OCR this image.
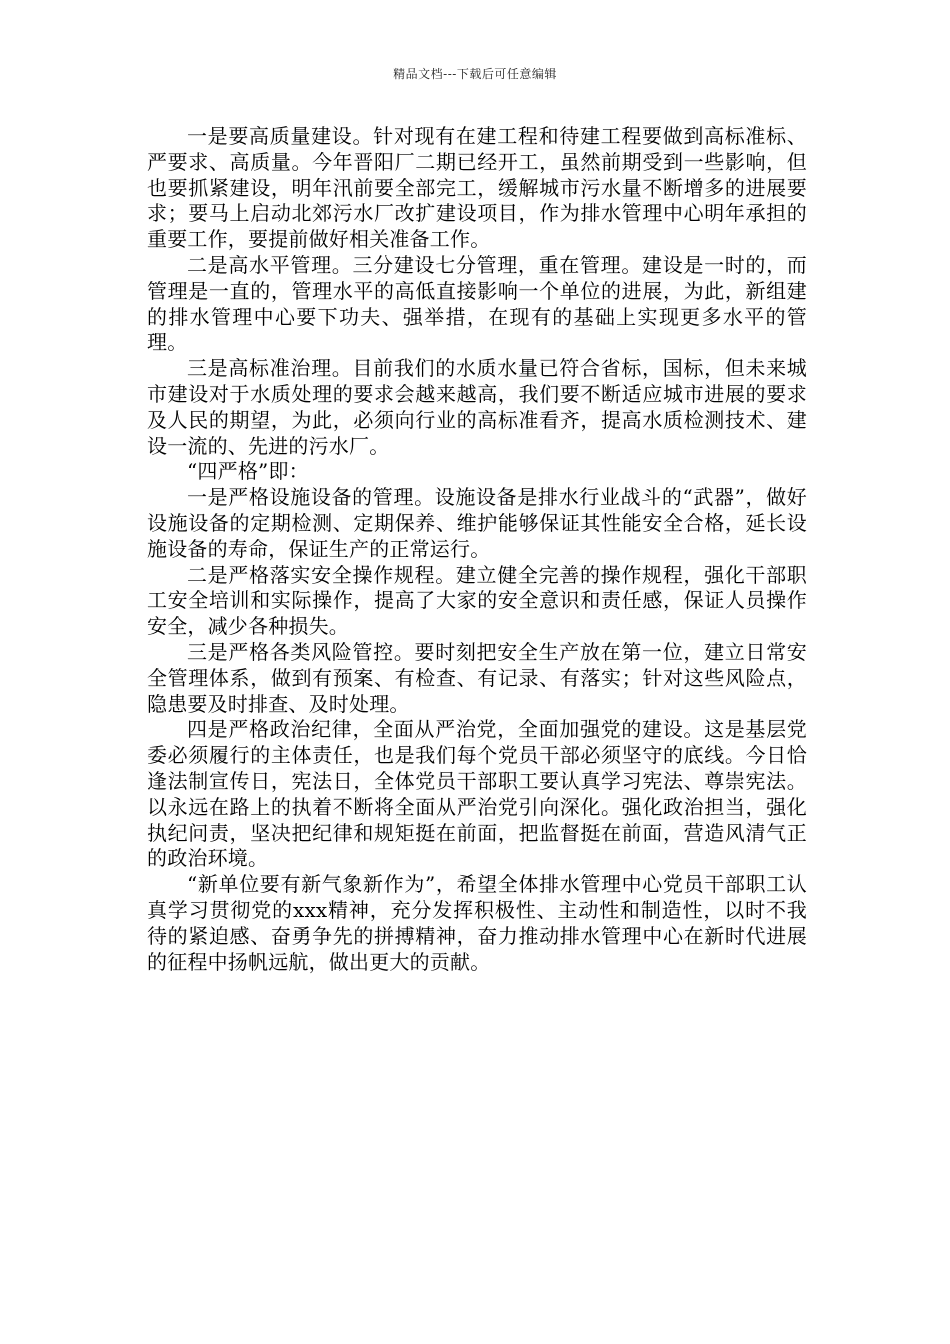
精品文档---下载后可任意编辑

一是要高质量建设。针对现有在建工程和待建工程要做到高标准标、严要求、高质量。今年晋阳厂二期已经开工，虽然前期受到一些影响，但也要抓紧建设，明年汛前要全部完工，缓解城市污水量不断增多的进展要求；要马上启动北郊污水厂改扩建设项目，作为排水管理中心明年承担的重要工作，要提前做好相关准备工作。

二是高水平管理。三分建设七分管理，重在管理。建设是一时的，而管理是一直的，管理水平的高低直接影响一个单位的进展，为此，新组建的排水管理中心要下功夫、强举措，在现有的基础上实现更多水平的管理。

三是高标准治理。目前我们的水质水量已符合省标，国标，但未来城市建设对于水质处理的要求会越来越高，我们要不断适应城市进展的要求及人民的期望，为此，必须向行业的高标准看齐，提高水质检测技术、建设一流的、先进的污水厂。

“四严格”即：

一是严格设施设备的管理。设施设备是排水行业战斗的“武器”，做好设施设备的定期检测、定期保养、维护能够保证其性能安全合格，延长设施设备的寿命，保证生产的正常运行。

二是严格落实安全操作规程。建立健全完善的操作规程，强化干部职工安全培训和实际操作，提高了大家的安全意识和责任感，保证人员操作安全，减少各种损失。

三是严格各类风险管控。要时刻把安全生产放在第一位，建立日常安全管理体系，做到有预案、有检查、有记录、有落实；针对这些风险点，隐患要及时排查、及时处理。

四是严格政治纪律，全面从严治党，全面加强党的建设。这是基层党委必须履行的主体责任，也是我们每个党员干部必须坚守的底线。今日恰逢法制宣传日，宪法日，全体党员干部职工要认真学习宪法、尊崇宪法。以永远在路上的执着不断将全面从严治党引向深化。强化政治担当，强化执纪问责，坚决把纪律和规矩挺在前面，把监督挺在前面，营造风清气正的政治环境。

“新单位要有新气象新作为”，希望全体排水管理中心党员干部职工认真学习贯彻党的xxx精神，充分发挥积极性、主动性和制造性，以时不我待的紧迫感、奋勇争先的拼搏精神，奋力推动排水管理中心在新时代进展的征程中扬帆远航，做出更大的贡献。
